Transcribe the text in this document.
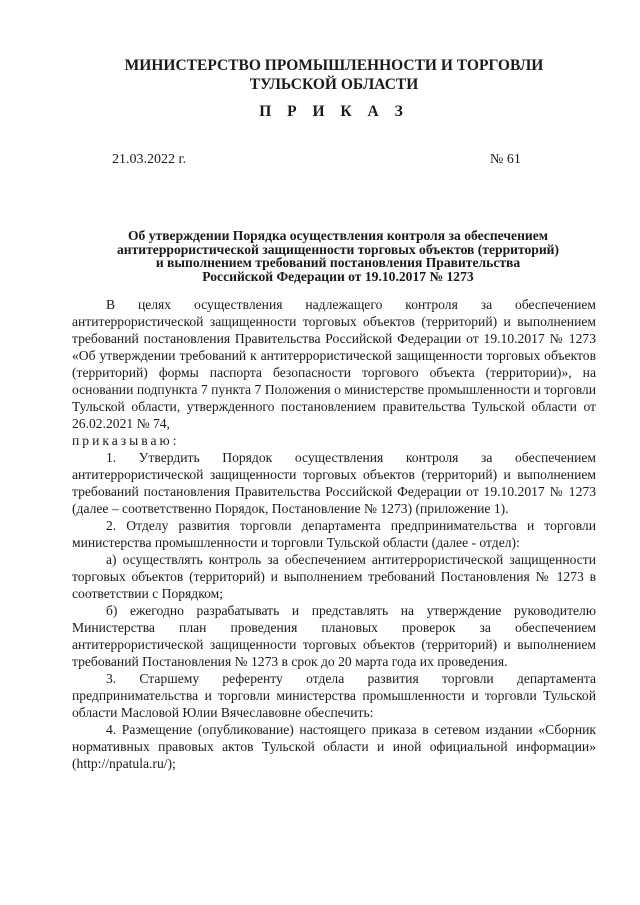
МИНИСТЕРСТВО ПРОМЫШЛЕННОСТИ И ТОРГОВЛИ
ТУЛЬСКОЙ ОБЛАСТИ
П Р И К А З
21.03.2022 г.	№ 61
Об утверждении Порядка осуществления контроля за обеспечением
антитеррористической защищенности торговых объектов (территорий)
и выполнением требований постановления Правительства
Российской Федерации от 19.10.2017 № 1273

В целях осуществления надлежащего контроля за обеспечением антитеррористической защищенности торговых объектов (территорий) и выполнением требований постановления Правительства Российской Федерации от 19.10.2017 № 1273 «Об утверждении требований к антитеррористической защищенности торговых объектов (территорий) формы паспорта безопасности торгового объекта (территории)», на основании подпункта 7 пункта 7 Положения о министерстве промышленности и торговли Тульской области, утвержденного постановлением правительства Тульской области от 26.02.2021 № 74,

приказываю:

1. Утвердить Порядок осуществления контроля за обеспечением антитеррористической защищенности торговых объектов (территорий) и выполнением требований постановления Правительства Российской Федерации от 19.10.2017 № 1273 (далее – соответственно Порядок, Постановление № 1273) (приложение 1).

2. Отделу развития торговли департамента предпринимательства и торговли министерства промышленности и торговли Тульской области (далее - отдел):

а) осуществлять контроль за обеспечением антитеррористической защищенности торговых объектов (территорий) и выполнением требований Постановления № 1273 в соответствии с Порядком;

б) ежегодно разрабатывать и представлять на утверждение руководителю Министерства план проведения плановых проверок за обеспечением антитеррористической защищенности торговых объектов (территорий) и выполнением требований Постановления № 1273 в срок до 20 марта года их проведения.

3. Старшему референту отдела развития торговли департамента предпринимательства и торговли министерства промышленности и торговли Тульской области Масловой Юлии Вячеславовне обеспечить:

4. Размещение (опубликование) настоящего приказа в сетевом издании «Сборник нормативных правовых актов Тульской области и иной официальной информации» (http://npatula.ru/);
